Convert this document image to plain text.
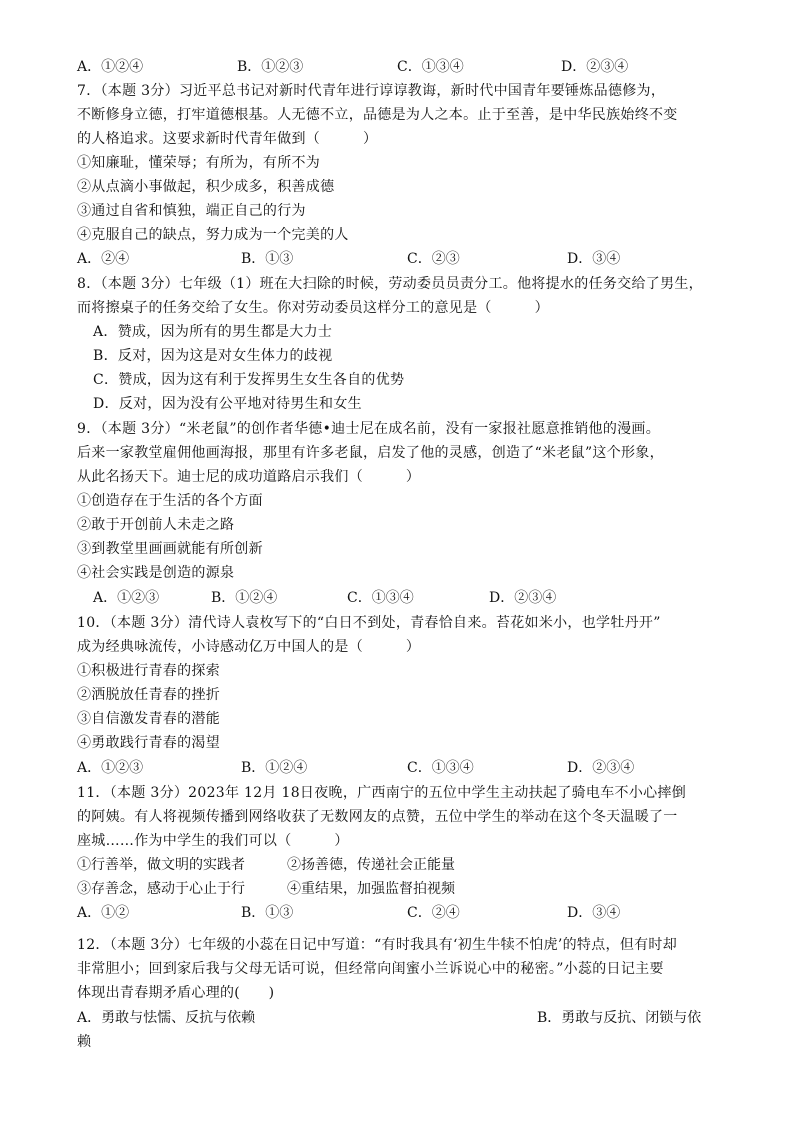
A．①②④	B．①②③	C．①③④	D．②③④
7．（本题 3分）习近平总书记对新时代青年进行谆谆教诲，新时代中国青年要锤炼品德修为，
不断修身立德，打牢道德根基。人无德不立，品德是为人之本。止于至善，是中华民族始终不变
的人格追求。这要求新时代青年做到（　　　）
①知廉耻，懂荣辱；有所为，有所不为
②从点滴小事做起，积少成多，积善成德
③通过自省和慎独，端正自己的行为
④克服自己的缺点，努力成为一个完美的人
A．②④	B．①③	C．②③	D．③④
8．（本题 3分）七年级（1）班在大扫除的时候，劳动委员员责分工。他将提水的任务交给了男生，
而将擦桌子的任务交给了女生。你对劳动委员这样分工的意见是（　　　）
A．赞成，因为所有的男生都是大力士
B．反对，因为这是对女生体力的歧视
C．赞成，因为这有利于发挥男生女生各自的优势
D．反对，因为没有公平地对待男生和女生
9．（本题 3分）“米老鼠”的创作者华德•迪士尼在成名前，没有一家报社愿意推销他的漫画。
后来一家教堂雇佣他画海报，那里有许多老鼠，启发了他的灵感，创造了“米老鼠”这个形象，
从此名扬天下。迪士尼的成功道路启示我们（　　　）
①创造存在于生活的各个方面
②敢于开创前人未走之路
③到教堂里画画就能有所创新
④社会实践是创造的源泉
A．①②③	B．①②④	C．①③④	D．②③④
10．（本题 3分）清代诗人袁枚写下的“白日不到处，青春恰自来。苔花如米小，也学牡丹开”
成为经典咏流传，小诗感动亿万中国人的是（　　　）
①积极进行青春的探索
②洒脱放任青春的挫折
③自信激发青春的潜能
④勇敢践行青春的渴望
A．①②③	B．①②④	C．①③④	D．②③④
11．（本题 3分）2023年 12月 18日夜晚，广西南宁的五位中学生主动扶起了骑电车不小心摔倒
的阿姨。有人将视频传播到网络收获了无数网友的点赞，五位中学生的举动在这个冬天温暖了一
座城……作为中学生的我们可以（　　　）
①行善举，做文明的实践者	②扬善德，传递社会正能量
③存善念，感动于心止于行	④重结果，加强监督拍视频
A．①②	B．①③	C．②④	D．③④
12．（本题 3分）七年级的小蕊在日记中写道：“有时我具有‘初生牛犊不怕虎’的特点，但有时却
非常胆小；回到家后我与父母无话可说，但经常向闺蜜小兰诉说心中的秘密。”小蕊的日记主要
体现出青春期矛盾心理的(　　)
A．勇敢与怯懦、反抗与依赖	B．勇敢与反抗、闭锁与依
赖
